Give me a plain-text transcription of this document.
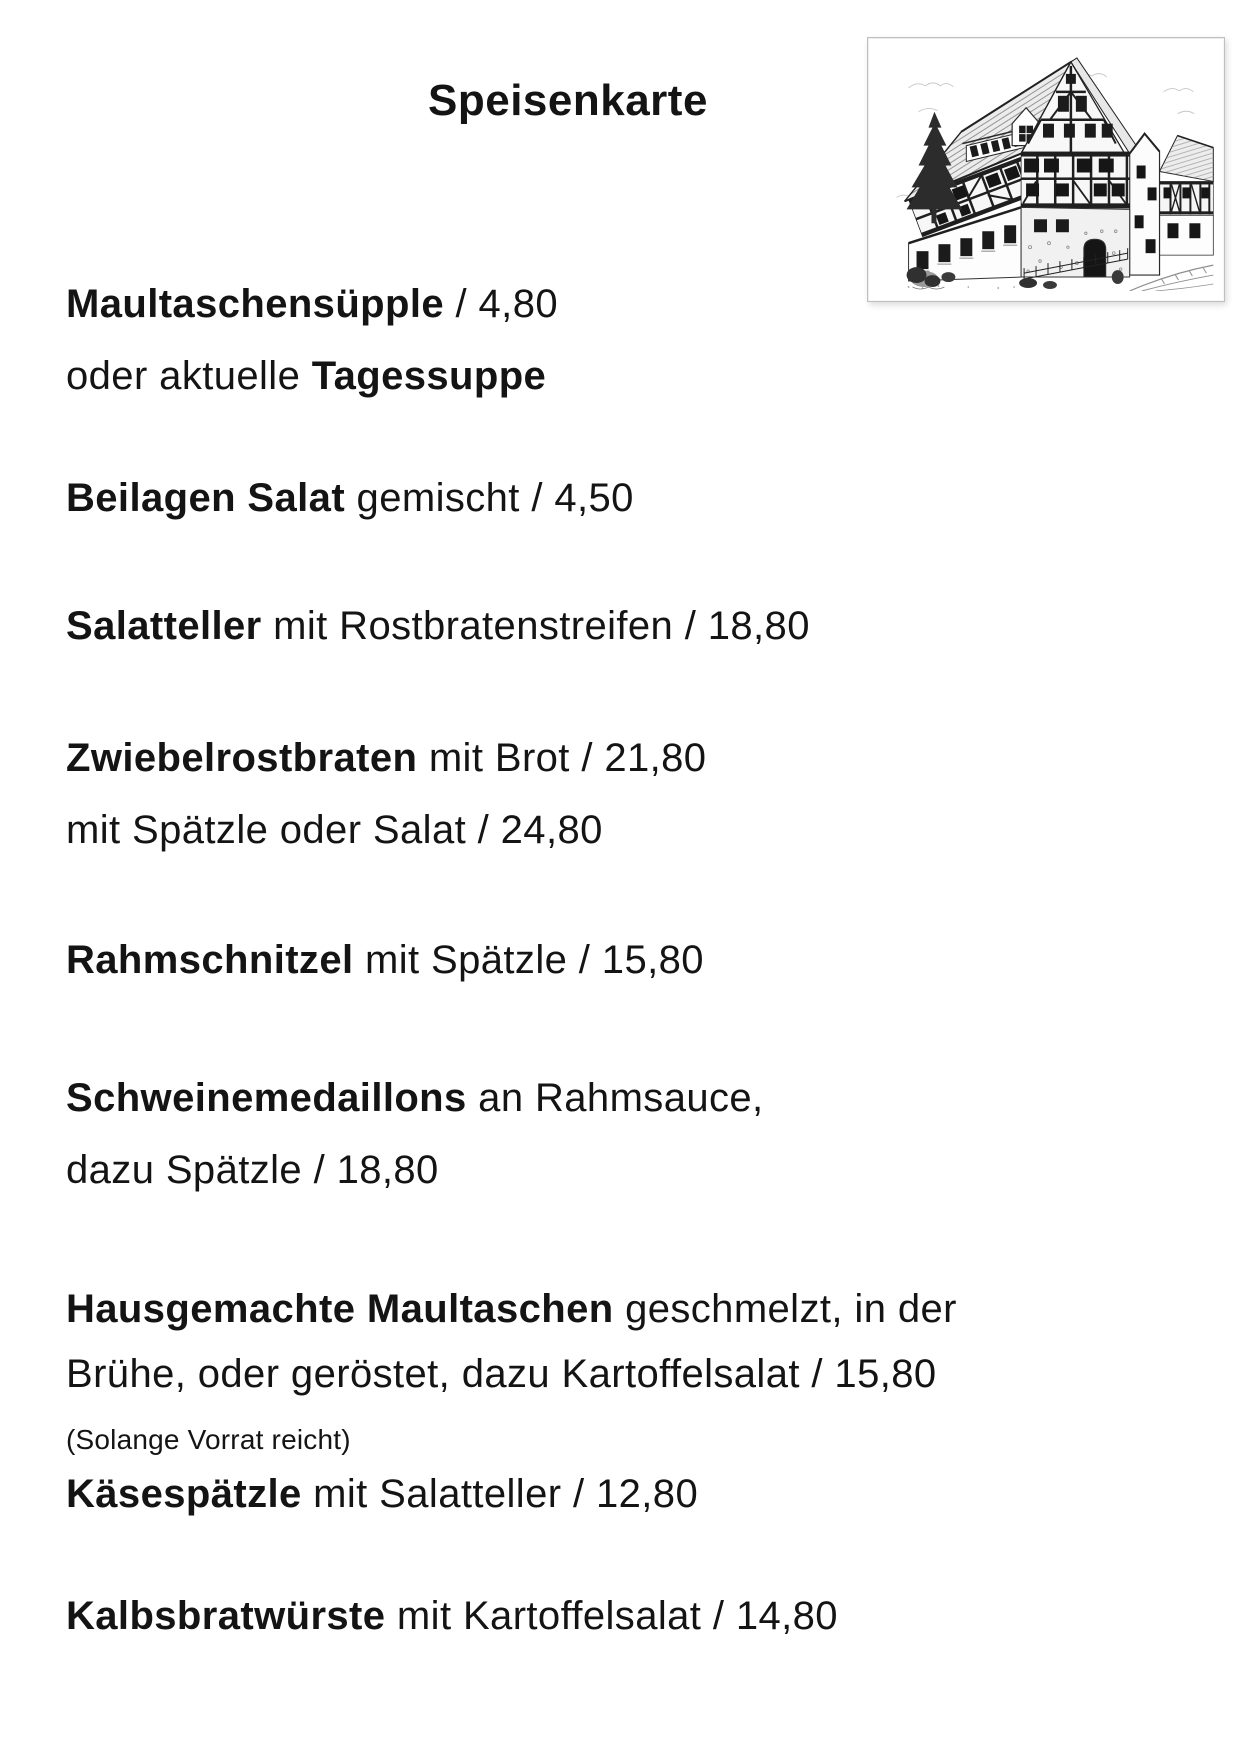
Speisenkarte
Maultaschensüpple / 4,80
oder aktuelle Tagessuppe
Beilagen Salat gemischt / 4,50
Salatteller mit Rostbratenstreifen / 18,80
Zwiebelrostbraten mit Brot / 21,80
mit Spätzle oder Salat / 24,80
Rahmschnitzel mit Spätzle / 15,80
Schweinemedaillons an Rahmsauce,
dazu Spätzle / 18,80
Hausgemachte Maultaschen geschmelzt, in der
Brühe, oder geröstet, dazu Kartoffelsalat / 15,80
(Solange Vorrat reicht)
Käsespätzle mit Salatteller / 12,80
Kalbsbratwürste mit Kartoffelsalat / 14,80
